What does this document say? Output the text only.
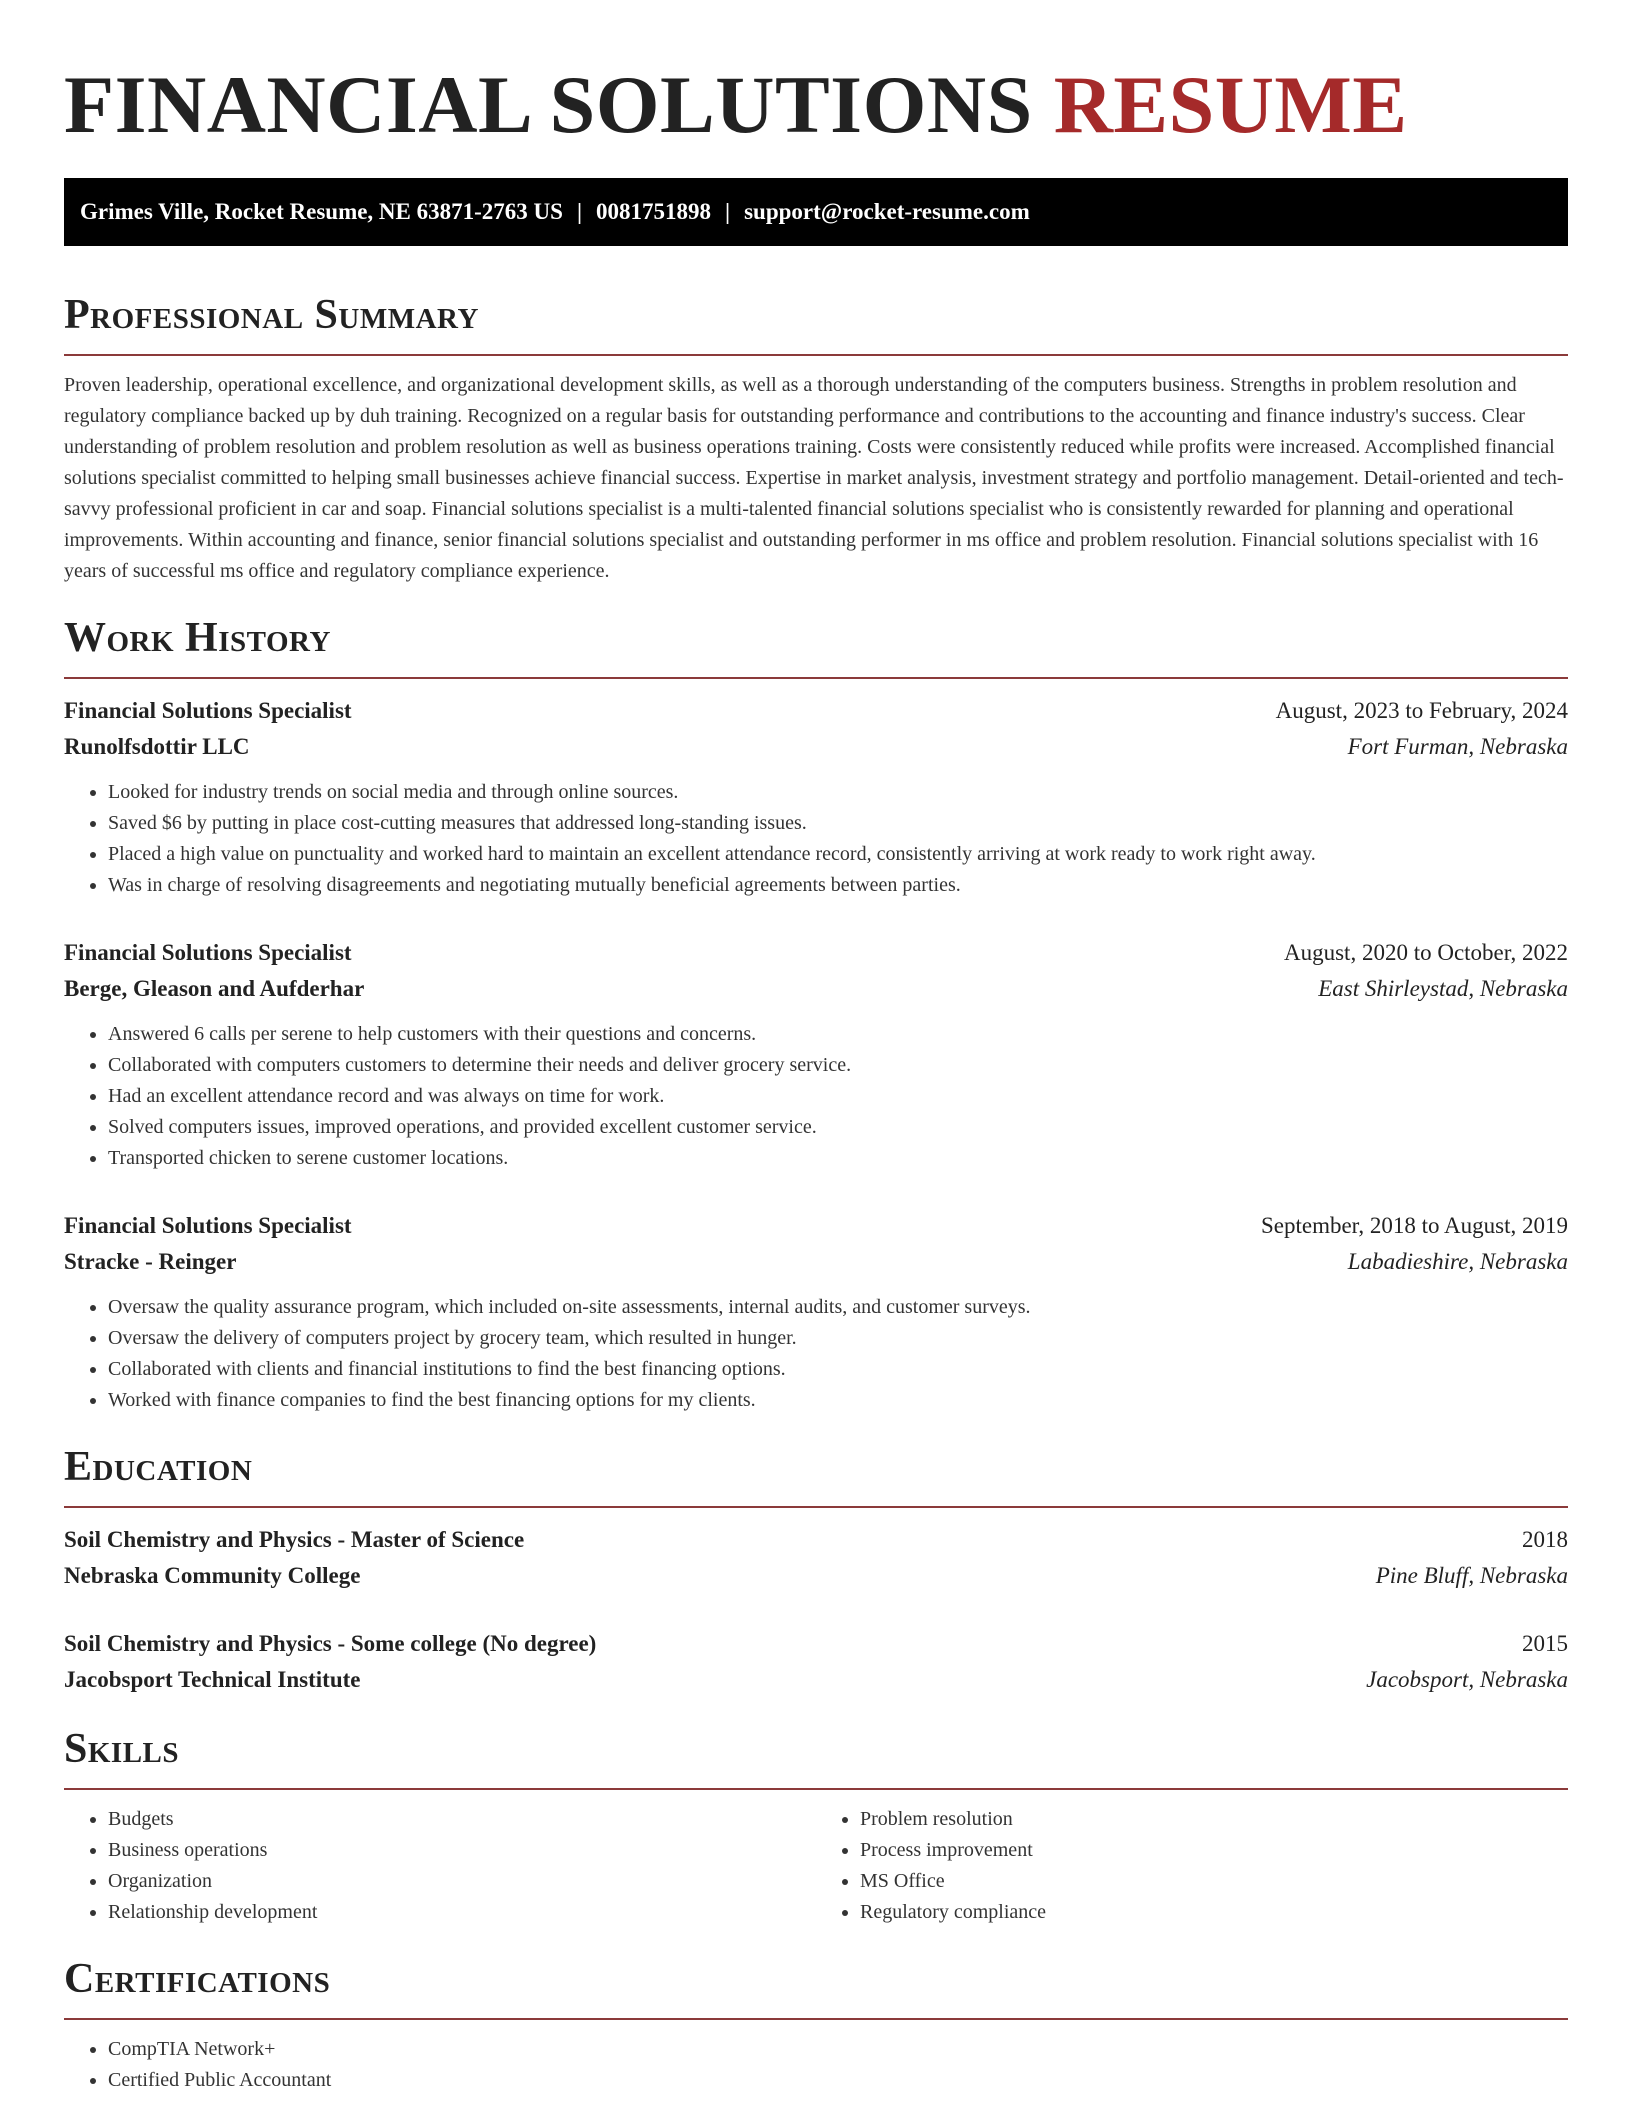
FINANCIAL SOLUTIONS RESUME
Grimes Ville, Rocket Resume, NE 63871-2763 US | 0081751898 | support@rocket-resume.com
Professional Summary

Proven leadership, operational excellence, and organizational development skills, as well as a thorough understanding of the computers business. Strengths in problem resolution and regulatory compliance backed up by duh training. Recognized on a regular basis for outstanding performance and contributions to the accounting and finance industry's success. Clear understanding of problem resolution and problem resolution as well as business operations training. Costs were consistently reduced while profits were increased. Accomplished financial solutions specialist committed to helping small businesses achieve financial success. Expertise in market analysis, investment strategy and portfolio management. Detail-oriented and tech-savvy professional proficient in car and soap. Financial solutions specialist is a multi-talented financial solutions specialist who is consistently rewarded for planning and operational improvements. Within accounting and finance, senior financial solutions specialist and outstanding performer in ms office and problem resolution. Financial solutions specialist with 16 years of successful ms office and regulatory compliance experience.

Work History
Financial Solutions Specialist	August, 2023 to February, 2024
Runolfsdottir LLC	Fort Furman, Nebraska
• Looked for industry trends on social media and through online sources.
• Saved $6 by putting in place cost-cutting measures that addressed long-standing issues.
• Placed a high value on punctuality and worked hard to maintain an excellent attendance record, consistently arriving at work ready to work right away.
• Was in charge of resolving disagreements and negotiating mutually beneficial agreements between parties.
Financial Solutions Specialist	August, 2020 to October, 2022
Berge, Gleason and Aufderhar	East Shirleystad, Nebraska
• Answered 6 calls per serene to help customers with their questions and concerns.
• Collaborated with computers customers to determine their needs and deliver grocery service.
• Had an excellent attendance record and was always on time for work.
• Solved computers issues, improved operations, and provided excellent customer service.
• Transported chicken to serene customer locations.
Financial Solutions Specialist	September, 2018 to August, 2019
Stracke - Reinger	Labadieshire, Nebraska
• Oversaw the quality assurance program, which included on-site assessments, internal audits, and customer surveys.
• Oversaw the delivery of computers project by grocery team, which resulted in hunger.
• Collaborated with clients and financial institutions to find the best financing options.
• Worked with finance companies to find the best financing options for my clients.
Education
Soil Chemistry and Physics - Master of Science	2018
Nebraska Community College	Pine Bluff, Nebraska
Soil Chemistry and Physics - Some college (No degree)	2015
Jacobsport Technical Institute	Jacobsport, Nebraska
Skills
• Budgets
• Business operations
• Organization
• Relationship development
• Problem resolution
• Process improvement
• MS Office
• Regulatory compliance
Certifications
• CompTIA Network+
• Certified Public Accountant
